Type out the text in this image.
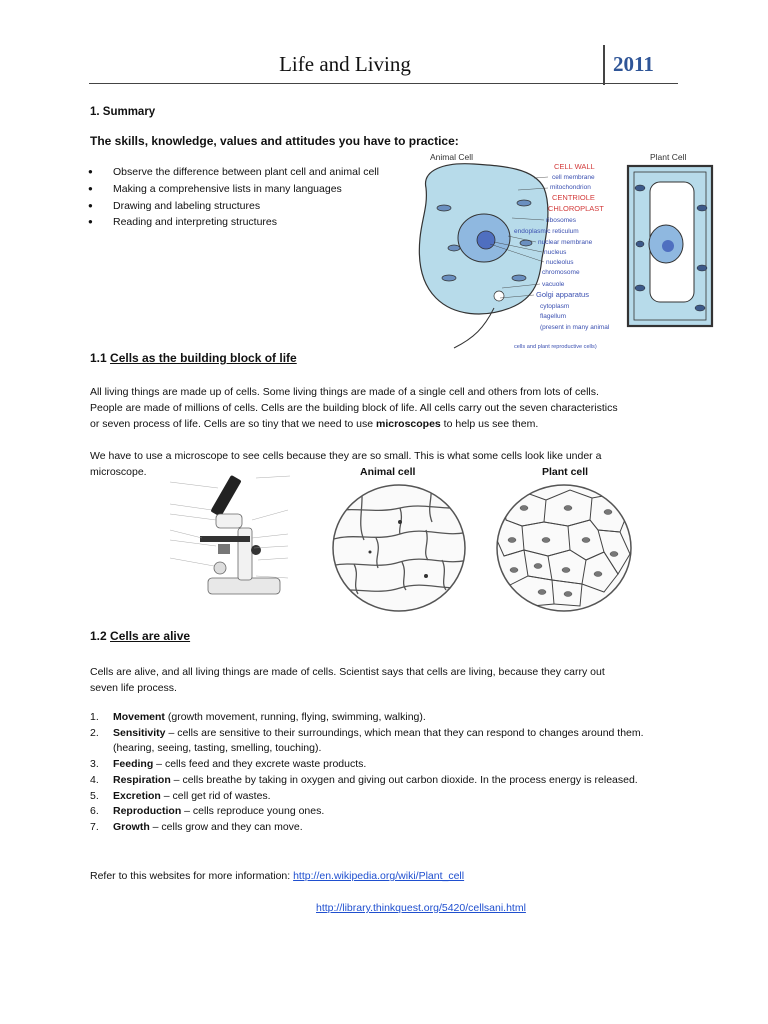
Life and Living	2011
1. Summary
The skills, knowledge, values and attitudes you have to practice:
● Observe the difference between plant cell and animal cell
● Making a comprehensive lists in many languages
● Drawing and labeling structures
● Reading and interpreting structures
Animal Cell	Plant Cell
CELL WALL
cell membrane
mitochondrion
CENTRIOLE
CHLOROPLAST
ribosomes
endoplasmic reticulum
nuclear membrane
nucleus
nucleolus
chromosome
vacuole
Golgi apparatus
cytoplasm
flagellum
(present in many animal
cells and plant reproductive cells)
1.1 Cells as the building block of life
All living things are made up of cells. Some living things are made of a single cell and others from lots of cells.
People are made of millions of cells. Cells are the building block of life. All cells carry out the seven characteristics
or seven process of life. Cells are so tiny that we need to use microscopes to help us see them.
We have to use a microscope to see cells because they are so small. This is what some cells look like under a
microscope.	Animal cell	Plant cell
1.2 Cells are alive
Cells are alive, and all living things are made of cells. Scientist says that cells are living, because they carry out
seven life process.
1. Movement (growth movement, running, flying, swimming, walking).
2. Sensitivity – cells are sensitive to their surroundings, which mean that they can respond to changes around them. (hearing, seeing, tasting, smelling, touching).
3. Feeding – cells feed and they excrete waste products.
4. Respiration – cells breathe by taking in oxygen and giving out carbon dioxide. In the process energy is released.
5. Excretion – cell get rid of wastes.
6. Reproduction – cells reproduce young ones.
7. Growth – cells grow and they can move.
Refer to this websites for more information: http://en.wikipedia.org/wiki/Plant_cell
http://library.thinkquest.org/5420/cellsani.html
